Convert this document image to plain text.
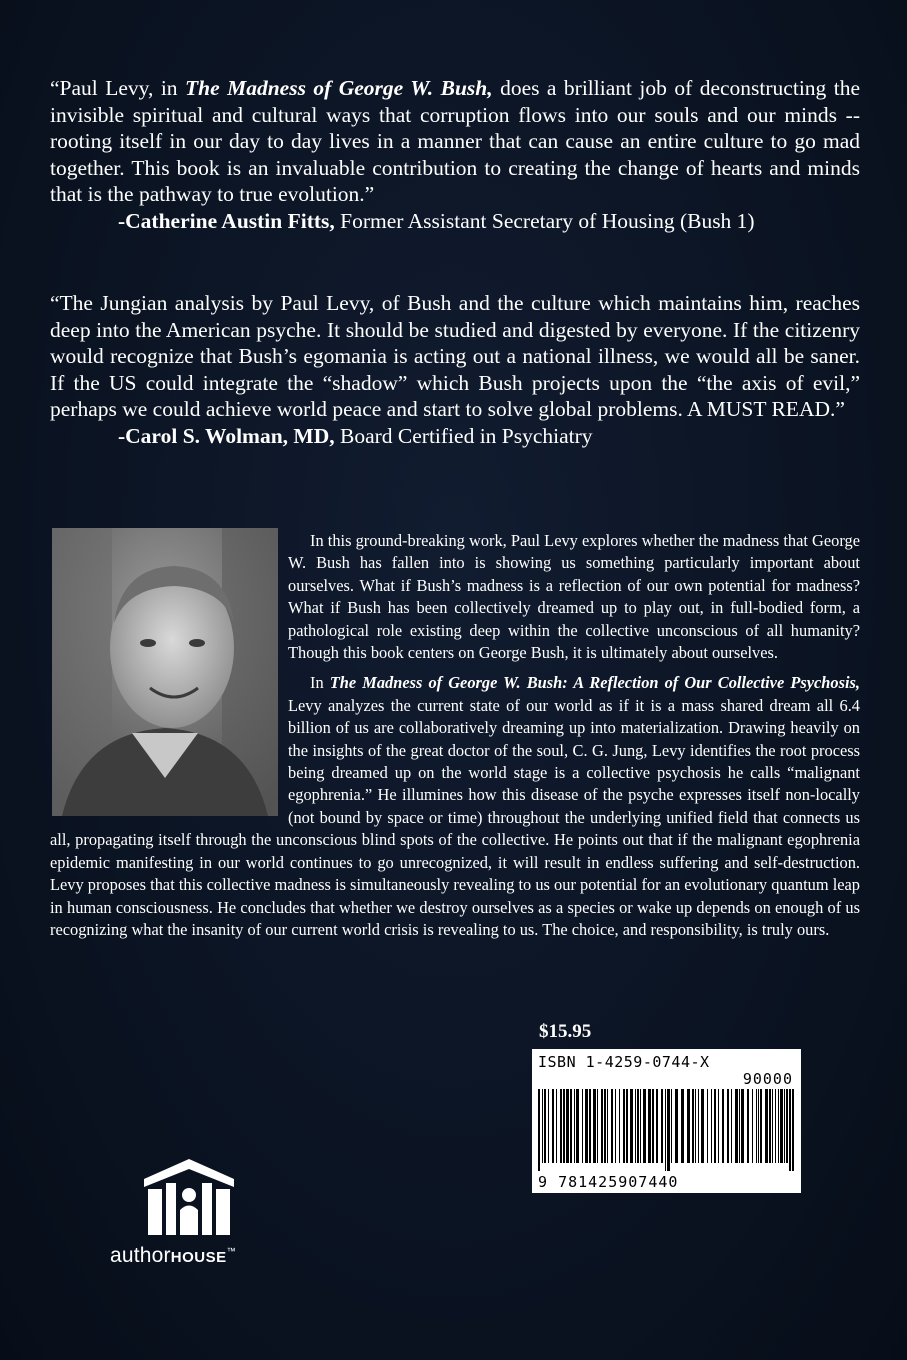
“Paul Levy, in The Madness of George W. Bush, does a brilliant job of deconstructing the invisible spiritual and cultural ways that corruption flows into our souls and our minds -- rooting itself in our day to day lives in a manner that can cause an entire culture to go mad together. This book is an invaluable contribution to creating the change of hearts and minds that is the pathway to true evolution.”
-Catherine Austin Fitts, Former Assistant Secretary of Housing (Bush 1)
“The Jungian analysis by Paul Levy, of Bush and the culture which maintains him, reaches deep into the American psyche. It should be studied and digested by everyone. If the citizenry would recognize that Bush’s egomania is acting out a national illness, we would all be saner. If the US could integrate the “shadow” which Bush projects upon the “the axis of evil,” perhaps we could achieve world peace and start to solve global problems. A MUST READ.”
-Carol S. Wolman, MD, Board Certified in Psychiatry

In this ground-breaking work, Paul Levy explores whether the madness that George W. Bush has fallen into is showing us something particularly important about ourselves. What if Bush’s madness is a reflection of our own potential for madness? What if Bush has been collectively dreamed up to play out, in full-bodied form, a pathological role existing deep within the collective unconscious of all humanity? Though this book centers on George Bush, it is ultimately about ourselves.

In The Madness of George W. Bush: A Reflection of Our Collective Psychosis, Levy analyzes the current state of our world as if it is a mass shared dream all 6.4 billion of us are collaboratively dreaming up into materialization. Drawing heavily on the insights of the great doctor of the soul, C. G. Jung, Levy identifies the root process being dreamed up on the world stage is a collective psychosis he calls “malignant egophrenia.” He illumines how this disease of the psyche expresses itself non-locally (not bound by space or time) throughout the underlying unified field that connects us all, propagating itself through the unconscious blind spots of the collective. He points out that if the malignant egophrenia epidemic manifesting in our world continues to go unrecognized, it will result in endless suffering and self-destruction. Levy proposes that this collective madness is simultaneously revealing to us our potential for an evolutionary quantum leap in human consciousness. He concludes that whether we destroy ourselves as a species or wake up depends on enough of us recognizing what the insanity of our current world crisis is revealing to us. The choice, and responsibility, is truly ours.

$15.95
ISBN 1-4259-0744-X
90000
9 781425907440
authorHOUSE™
